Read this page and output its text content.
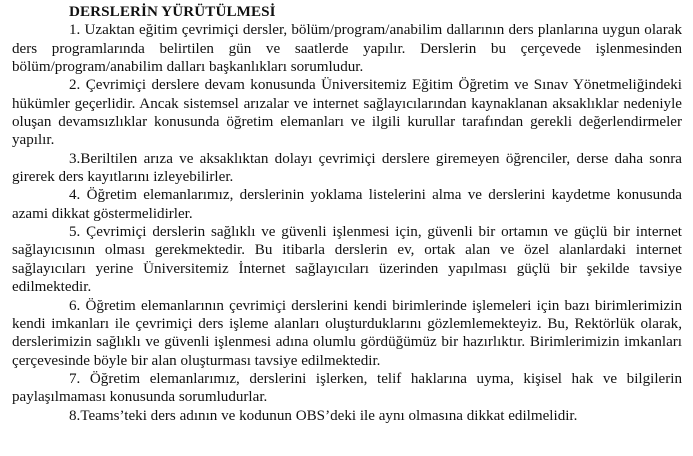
DERSLERİN YÜRÜTÜLMESİ

1. Uzaktan eğitim çevrimiçi dersler, bölüm/program/anabilim dallarının ders planlarına uygun olarak ders programlarında belirtilen gün ve saatlerde yapılır. Derslerin bu çerçevede işlenmesinden bölüm/program/anabilim dalları başkanlıkları sorumludur.

2. Çevrimiçi derslere devam konusunda Üniversitemiz Eğitim Öğretim ve Sınav Yönetmeliğindeki hükümler geçerlidir. Ancak sistemsel arızalar ve internet sağlayıcılarından kaynaklanan aksaklıklar nedeniyle oluşan devamsızlıklar konusunda öğretim elemanları ve ilgili kurullar tarafından gerekli değerlendirmeler yapılır.

3.Beriltilen arıza ve aksaklıktan dolayı çevrimiçi derslere giremeyen öğrenciler, derse daha sonra girerek ders kayıtlarını izleyebilirler.

4. Öğretim elemanlarımız, derslerinin yoklama listelerini alma ve derslerini kaydetme konusunda azami dikkat göstermelidirler.

5. Çevrimiçi derslerin sağlıklı ve güvenli işlenmesi için, güvenli bir ortamın ve güçlü bir internet sağlayıcısının olması gerekmektedir. Bu itibarla derslerin ev, ortak alan ve özel alanlardaki internet sağlayıcıları yerine Üniversitemiz İnternet sağlayıcıları üzerinden yapılması güçlü bir şekilde tavsiye edilmektedir.

6. Öğretim elemanlarının çevrimiçi derslerini kendi birimlerinde işlemeleri için bazı birimlerimizin kendi imkanları ile çevrimiçi ders işleme alanları oluşturduklarını gözlemlemekteyiz. Bu, Rektörlük olarak, derslerimizin sağlıklı ve güvenli işlenmesi adına olumlu gördüğümüz bir hazırlıktır. Birimlerimizin imkanları çerçevesinde böyle bir alan oluşturması tavsiye edilmektedir.

7. Öğretim elemanlarımız, derslerini işlerken, telif haklarına uyma, kişisel hak ve bilgilerin paylaşılmaması konusunda sorumludurlar.

8.Teams’teki ders adının ve kodunun OBS’deki ile aynı olmasına dikkat edilmelidir.
